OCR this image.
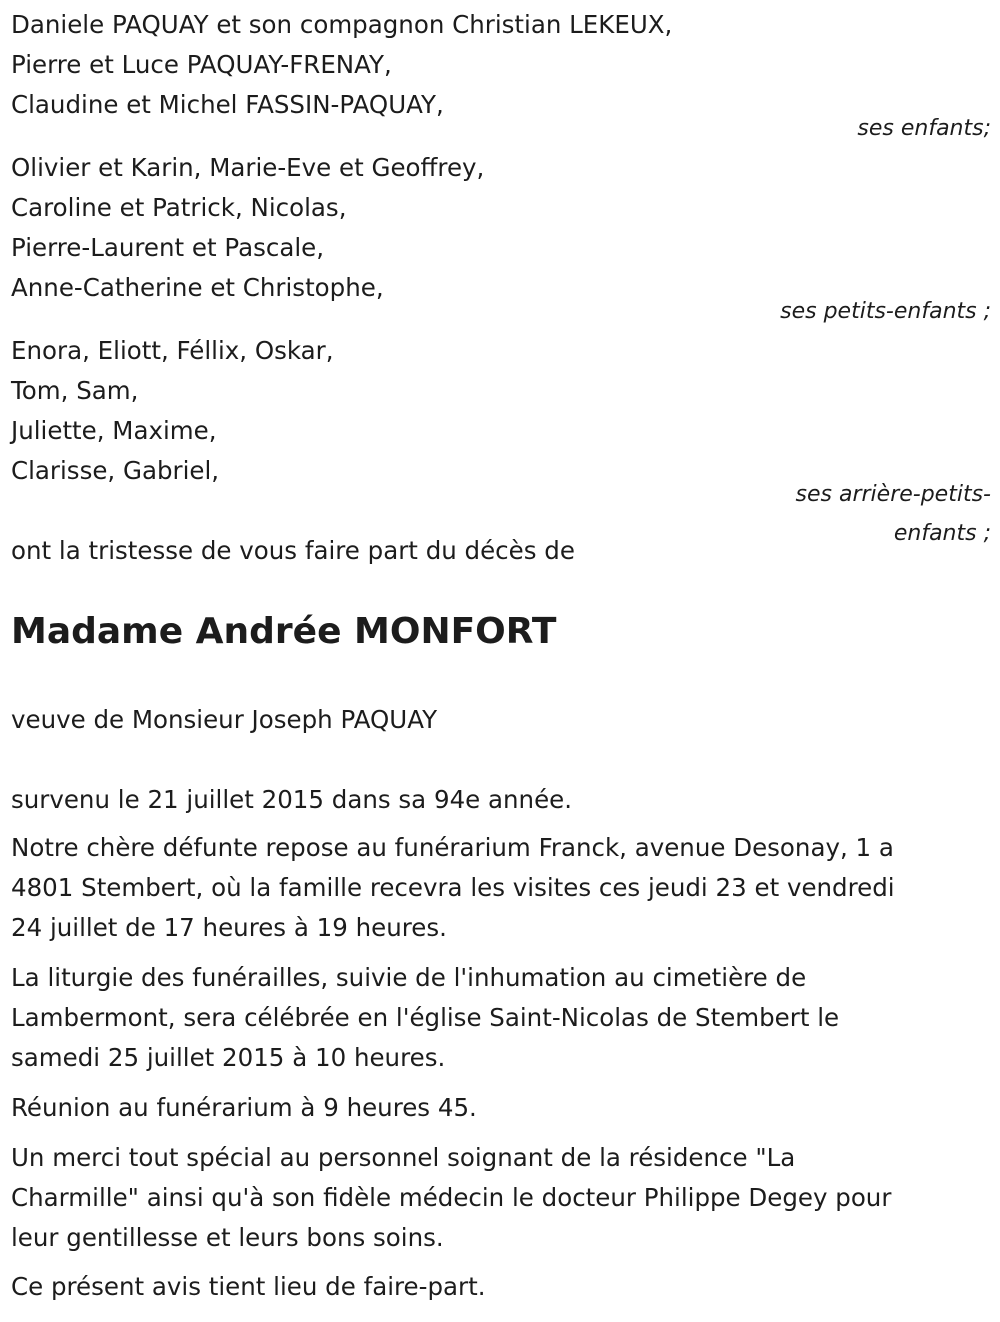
Daniele PAQUAY et son compagnon Christian LEKEUX,
Pierre et Luce PAQUAY-FRENAY,
Claudine et Michel FASSIN-PAQUAY,
ses enfants;
Olivier et Karin, Marie-Eve et Geoffrey,
Caroline et Patrick, Nicolas,
Pierre-Laurent et Pascale,
Anne-Catherine et Christophe,
ses petits-enfants ;
Enora, Eliott, Féllix, Oskar,
Tom, Sam,
Juliette, Maxime,
Clarisse, Gabriel,
ses arrière-petits-
enfants ;
ont la tristesse de vous faire part du décès de
Madame Andrée MONFORT
veuve de Monsieur Joseph PAQUAY
survenu le 21 juillet 2015 dans sa 94e année.
Notre chère défunte repose au funérarium Franck, avenue Desonay, 1 a
4801 Stembert, où la famille recevra les visites ces jeudi 23 et vendredi
24 juillet de 17 heures à 19 heures.
La liturgie des funérailles, suivie de l'inhumation au cimetière de
Lambermont, sera célébrée en l'église Saint-Nicolas de Stembert le
samedi 25 juillet 2015 à 10 heures.
Réunion au funérarium à 9 heures 45.
Un merci tout spécial au personnel soignant de la résidence "La
Charmille" ainsi qu'à son fidèle médecin le docteur Philippe Degey pour
leur gentillesse et leurs bons soins.
Ce présent avis tient lieu de faire-part.
